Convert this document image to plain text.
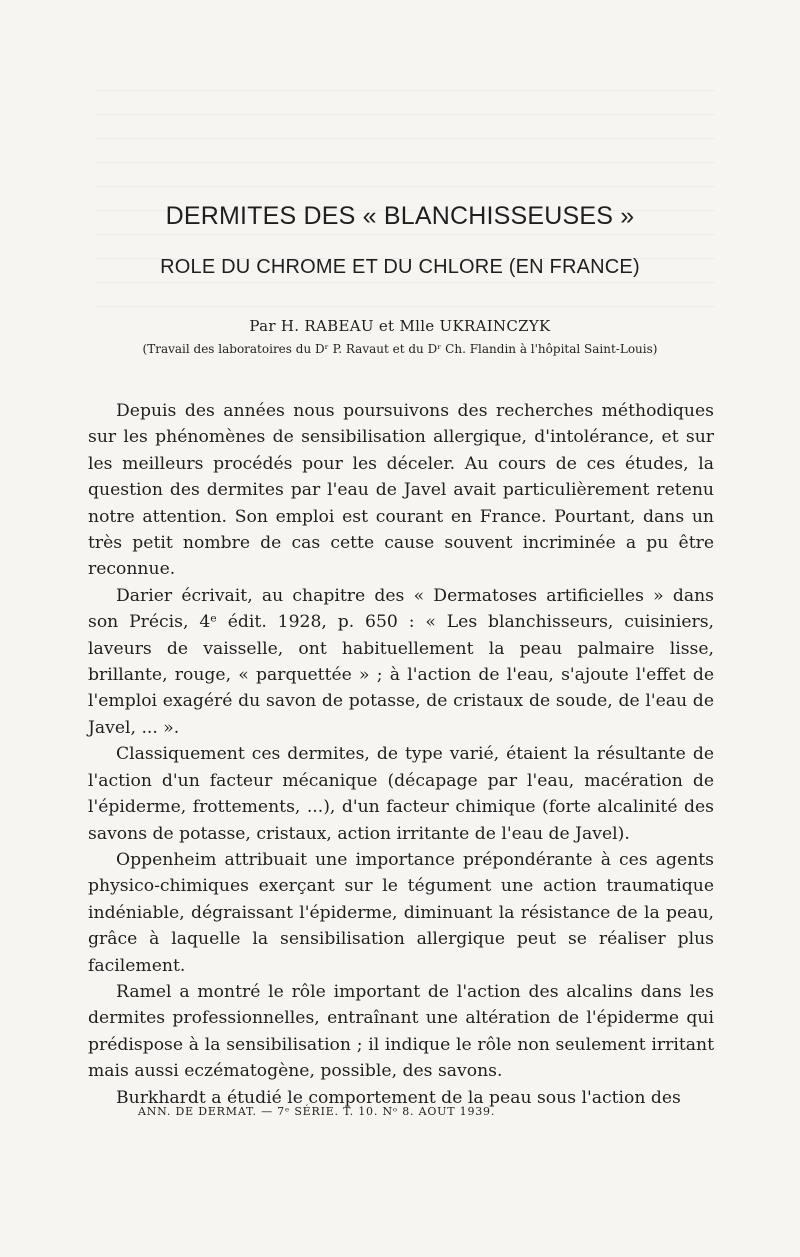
DERMITES DES « BLANCHISSEUSES »
ROLE DU CHROME ET DU CHLORE (EN FRANCE)
Par H. RABEAU et Mlle UKRAINCZYK
(Travail des laboratoires du Dʳ P. Ravaut et du Dʳ Ch. Flandin à l'hôpital Saint-Louis)

Depuis des années nous poursuivons des recherches méthodiques sur les phénomènes de sensibilisation allergique, d'intolérance, et sur les meilleurs procédés pour les déceler. Au cours de ces études, la question des dermites par l'eau de Javel avait particulièrement retenu notre attention. Son emploi est courant en France. Pourtant, dans un très petit nombre de cas cette cause souvent incriminée a pu être reconnue.

Darier écrivait, au chapitre des « Dermatoses artificielles » dans son Précis, 4ᵉ édit. 1928, p. 650 : « Les blanchisseurs, cuisiniers, laveurs de vaisselle, ont habituellement la peau palmaire lisse, brillante, rouge, « parquettée » ; à l'action de l'eau, s'ajoute l'effet de l'emploi exagéré du savon de potasse, de cristaux de soude, de l'eau de Javel, ... ».

Classiquement ces dermites, de type varié, étaient la résultante de l'action d'un facteur mécanique (décapage par l'eau, macération de l'épiderme, frottements, ...), d'un facteur chimique (forte alcalinité des savons de potasse, cristaux, action irritante de l'eau de Javel).

Oppenheim attribuait une importance prépondérante à ces agents physico-chimiques exerçant sur le tégument une action traumatique indéniable, dégraissant l'épiderme, diminuant la résistance de la peau, grâce à laquelle la sensibilisation allergique peut se réaliser plus facilement.

Ramel a montré le rôle important de l'action des alcalins dans les dermites professionnelles, entraînant une altération de l'épiderme qui prédispose à la sensibilisation ; il indique le rôle non seulement irritant mais aussi eczématogène, possible, des savons.

Burkhardt a étudié le comportement de la peau sous l'action des

ANN. DE DERMAT. — 7ᵉ SÉRIE. T. 10. Nᵒ 8. AOUT 1939.
